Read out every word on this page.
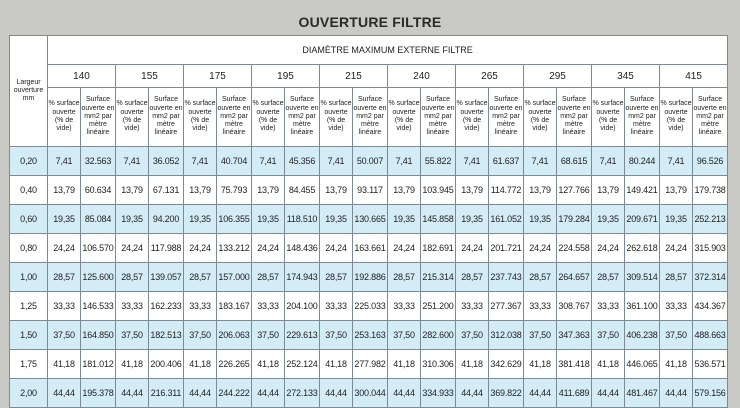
OUVERTURE FILTRE
Largeur ouverture mm	DIAMÈTRE MAXIMUM EXTERNE FILTRE																			
	140		155		175		195		215		240		265		295		345		415	
	% surface ouverte (% de vide)	Surface ouverte en mm2 par mètre linéaire	% surface ouverte (% de vide)	Surface ouverte en mm2 par mètre linéaire	% surface ouverte (% de vide)	Surface ouverte en mm2 par mètre linéaire	% surface ouverte (% de vide)	Surface ouverte en mm2 par mètre linéaire	% surface ouverte (% de vide)	Surface ouverte en mm2 par mètre linéaire	% surface ouverte (% de vide)	Surface ouverte en mm2 par mètre linéaire	% surface ouverte (% de vide)	Surface ouverte en mm2 par mètre linéaire	% surface ouverte (% de vide)	Surface ouverte en mm2 par mètre linéaire	% surface ouverte (% de vide)	Surface ouverte en mm2 par mètre linéaire	% surface ouverte (% de vide)	Surface ouverte en mm2 par mètre linéaire
0,20	7,41	32.563	7,41	36.052	7,41	40.704	7,41	45.356	7,41	50.007	7,41	55.822	7,41	61.637	7,41	68.615	7,41	80.244	7,41	96.526
0,40	13,79	60.634	13,79	67.131	13,79	75.793	13,79	84.455	13,79	93.117	13,79	103.945	13,79	114.772	13,79	127.766	13,79	149.421	13,79	179.738
0,60	19,35	85.084	19,35	94.200	19,35	106.355	19,35	118.510	19,35	130.665	19,35	145.858	19,35	161.052	19,35	179.284	19,35	209.671	19,35	252.213
0,80	24,24	106.570	24,24	117.988	24,24	133.212	24,24	148.436	24,24	163.661	24,24	182.691	24,24	201.721	24,24	224.558	24,24	262.618	24,24	315.903
1,00	28,57	125.600	28,57	139.057	28,57	157.000	28,57	174.943	28,57	192.886	28,57	215.314	28,57	237.743	28,57	264.657	28,57	309.514	28,57	372.314
1,25	33,33	146.533	33,33	162.233	33,33	183.167	33,33	204.100	33,33	225.033	33,33	251.200	33,33	277.367	33,33	308.767	33,33	361.100	33,33	434.367
1,50	37,50	164.850	37,50	182.513	37,50	206.063	37,50	229.613	37,50	253.163	37,50	282.600	37,50	312.038	37,50	347.363	37,50	406.238	37,50	488.663
1,75	41,18	181.012	41,18	200.406	41,18	226.265	41,18	252.124	41,18	277.982	41,18	310.306	41,18	342.629	41,18	381.418	41,18	446.065	41,18	536.571
2,00	44,44	195.378	44,44	216.311	44,44	244.222	44,44	272.133	44,44	300.044	44,44	334.933	44,44	369.822	44,44	411.689	44,44	481.467	44,44	579.156
